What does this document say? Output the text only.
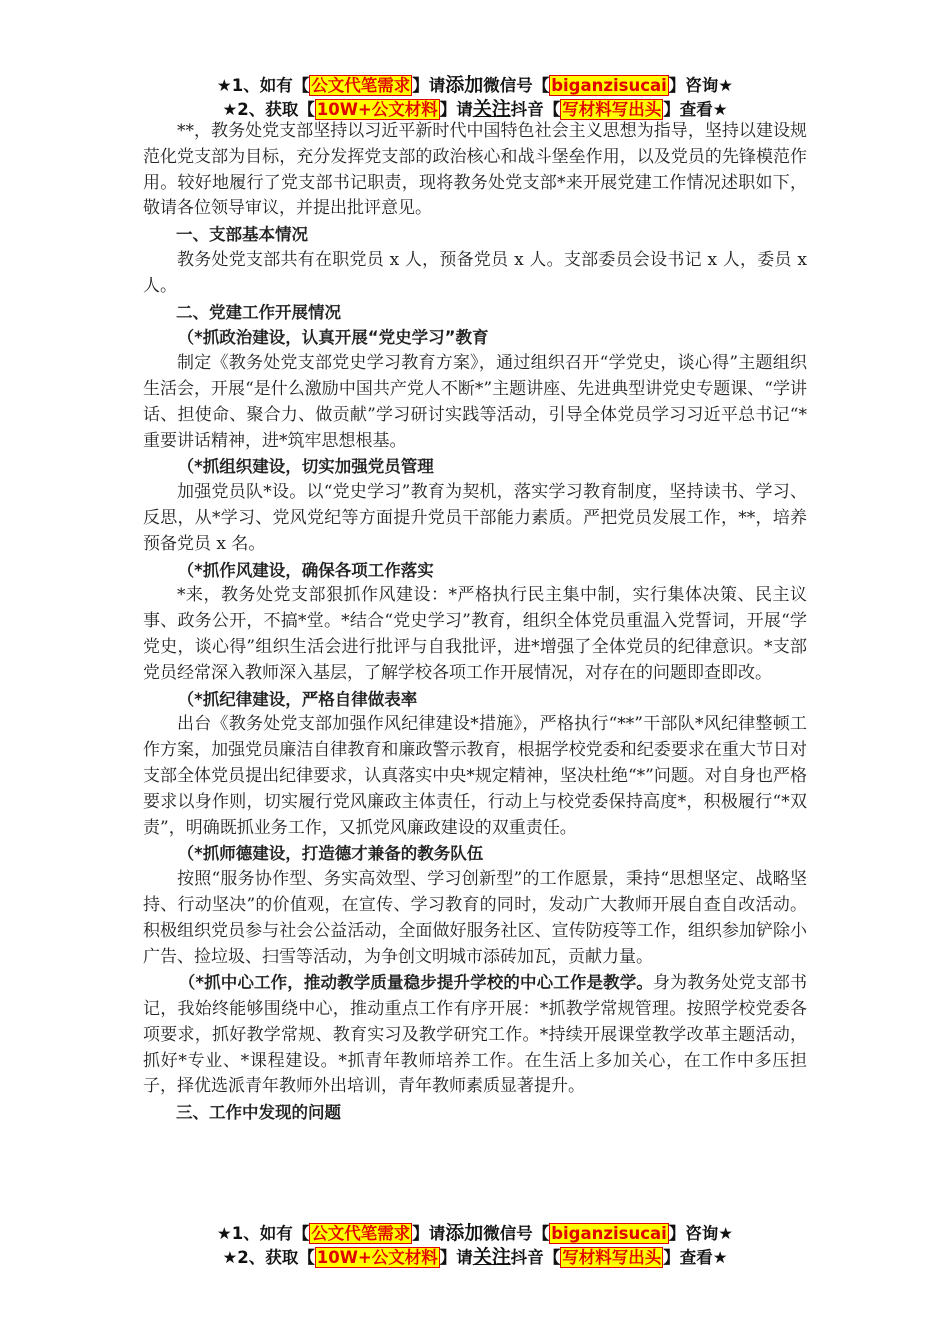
★1、如有【 公文代笔需求 】请添加微信号【 biganzisucai 】咨询★
★2、获取【 10W+公文材料 】请关注抖音【 写材料写出头 】查看★

**，教务处党支部坚持以习近平新时代中国特色社会主义思想为指导，坚持以建设规范化党支部为目标，充分发挥党支部的政治核心和战斗堡垒作用，以及党员的先锋模范作用。较好地履行了党支部书记职责，现将教务处党支部*来开展党建工作情况述职如下，敬请各位领导审议，并提出批评意见。

一、支部基本情况

教务处党支部共有在职党员 x 人，预备党员 x 人。支部委员会设书记 x 人，委员 x 人。

二、党建工作开展情况

（*抓政治建设，认真开展“党史学习”教育

制定《教务处党支部党史学习教育方案》，通过组织召开“学党史，谈心得”主题组织生活会，开展“是什么激励中国共产党人不断*”主题讲座、先进典型讲党史专题课、“学讲话、担使命、聚合力、做贡献”学习研讨实践等活动，引导全体党员学习习近平总书记“*重要讲话精神，进*筑牢思想根基。

（*抓组织建设，切实加强党员管理

加强党员队*设。以“党史学习”教育为契机，落实学习教育制度，坚持读书、学习、反思，从*学习、党风党纪等方面提升党员干部能力素质。严把党员发展工作，**，培养预备党员 x 名。

（*抓作风建设，确保各项工作落实

*来，教务处党支部狠抓作风建设：*严格执行民主集中制，实行集体决策、民主议事、政务公开，不搞*堂。*结合“党史学习”教育，组织全体党员重温入党誓词，开展“学党史，谈心得”组织生活会进行批评与自我批评，进*增强了全体党员的纪律意识。*支部党员经常深入教师深入基层，了解学校各项工作开展情况，对存在的问题即查即改。

（*抓纪律建设，严格自律做表率

出台《教务处党支部加强作风纪律建设*措施》，严格执行“**”干部队*风纪律整顿工作方案，加强党员廉洁自律教育和廉政警示教育，根据学校党委和纪委要求在重大节日对支部全体党员提出纪律要求，认真落实中央*规定精神，坚决杜绝“*”问题。对自身也严格要求以身作则，切实履行党风廉政主体责任，行动上与校党委保持高度*，积极履行“*双责”，明确既抓业务工作，又抓党风廉政建设的双重责任。

（*抓师德建设，打造德才兼备的教务队伍

按照“服务协作型、务实高效型、学习创新型”的工作愿景，秉持“思想坚定、战略坚持、行动坚决”的价值观，在宣传、学习教育的同时，发动广大教师开展自查自改活动。积极组织党员参与社会公益活动，全面做好服务社区、宣传防疫等工作，组织参加铲除小广告、捡垃圾、扫雪等活动，为争创文明城市添砖加瓦，贡献力量。

（*抓中心工作，推动教学质量稳步提升学校的中心工作是教学。身为教务处党支部书记，我始终能够围绕中心，推动重点工作有序开展：*抓教学常规管理。按照学校党委各项要求，抓好教学常规、教育实习及教学研究工作。*持续开展课堂教学改革主题活动，抓好*专业、*课程建设。*抓青年教师培养工作。在生活上多加关心，在工作中多压担子，择优选派青年教师外出培训，青年教师素质显著提升。

三、工作中发现的问题

★1、如有【 公文代笔需求 】请添加微信号【 biganzisucai 】咨询★
★2、获取【 10W+公文材料 】请关注抖音【 写材料写出头 】查看★
